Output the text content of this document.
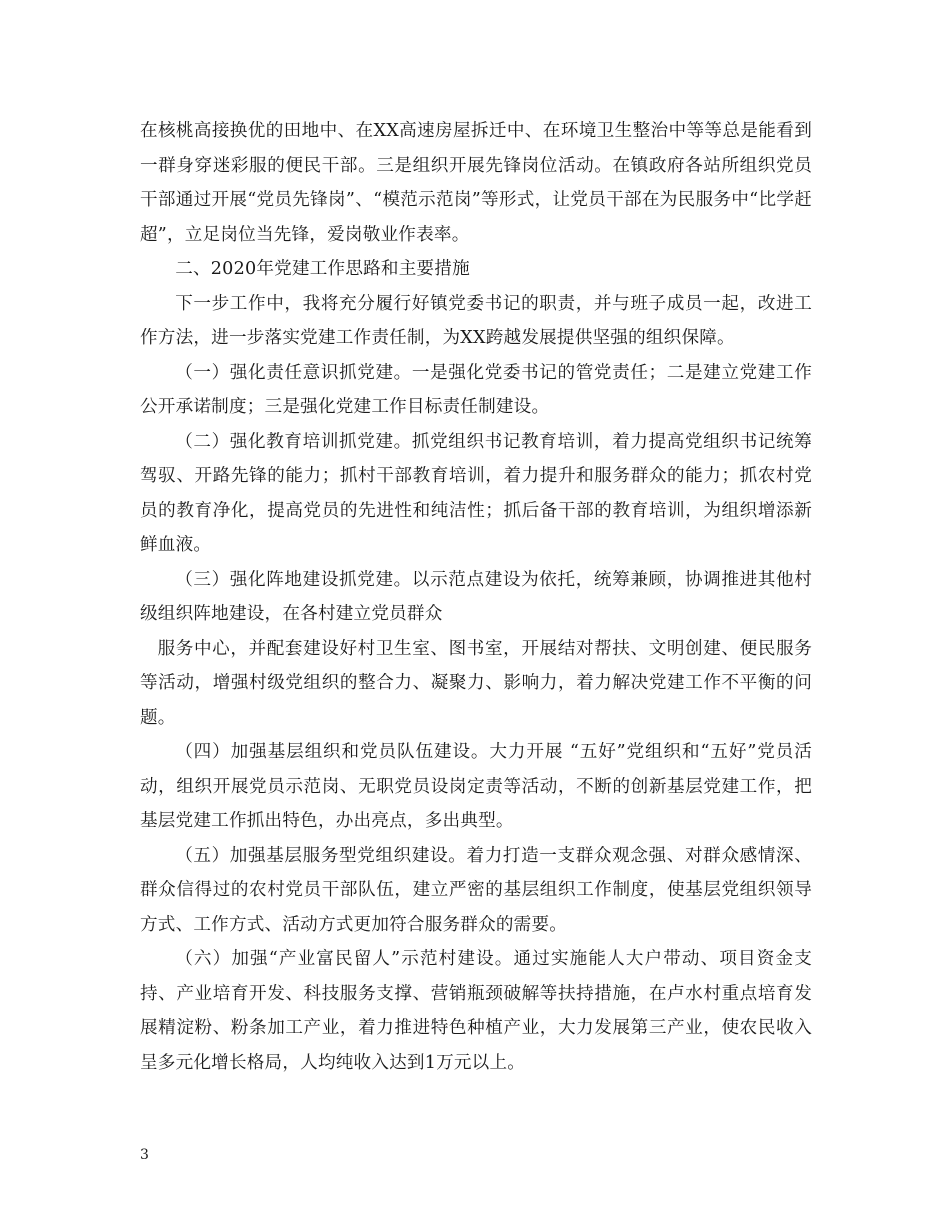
在核桃高接换优的田地中、在XX高速房屋拆迁中、在环境卫生整治中等等总是能看到一群身穿迷彩服的便民干部。三是组织开展先锋岗位活动。在镇政府各站所组织党员干部通过开展“党员先锋岗”、“模范示范岗”等形式，让党员干部在为民服务中“比学赶超”，立足岗位当先锋，爱岗敬业作表率。

二、2020年党建工作思路和主要措施

下一步工作中，我将充分履行好镇党委书记的职责，并与班子成员一起，改进工作方法，进一步落实党建工作责任制，为XX跨越发展提供坚强的组织保障。

（一）强化责任意识抓党建。一是强化党委书记的管党责任；二是建立党建工作公开承诺制度；三是强化党建工作目标责任制建设。

（二）强化教育培训抓党建。抓党组织书记教育培训，着力提高党组织书记统筹驾驭、开路先锋的能力；抓村干部教育培训，着力提升和服务群众的能力；抓农村党员的教育净化，提高党员的先进性和纯洁性；抓后备干部的教育培训，为组织增添新鲜血液。

（三）强化阵地建设抓党建。以示范点建设为依托，统筹兼顾，协调推进其他村级组织阵地建设，在各村建立党员群众

服务中心，并配套建设好村卫生室、图书室，开展结对帮扶、文明创建、便民服务等活动，增强村级党组织的整合力、凝聚力、影响力，着力解决党建工作不平衡的问题。

（四）加强基层组织和党员队伍建设。大力开展 “五好”党组织和“五好”党员活动，组织开展党员示范岗、无职党员设岗定责等活动，不断的创新基层党建工作，把基层党建工作抓出特色，办出亮点，多出典型。

（五）加强基层服务型党组织建设。着力打造一支群众观念强、对群众感情深、群众信得过的农村党员干部队伍，建立严密的基层组织工作制度，使基层党组织领导方式、工作方式、活动方式更加符合服务群众的需要。

（六）加强“产业富民留人”示范村建设。通过实施能人大户带动、项目资金支持、产业培育开发、科技服务支撑、营销瓶颈破解等扶持措施，在卢水村重点培育发展精淀粉、粉条加工产业，着力推进特色种植产业，大力发展第三产业，使农民收入呈多元化增长格局，人均纯收入达到1万元以上。

3
